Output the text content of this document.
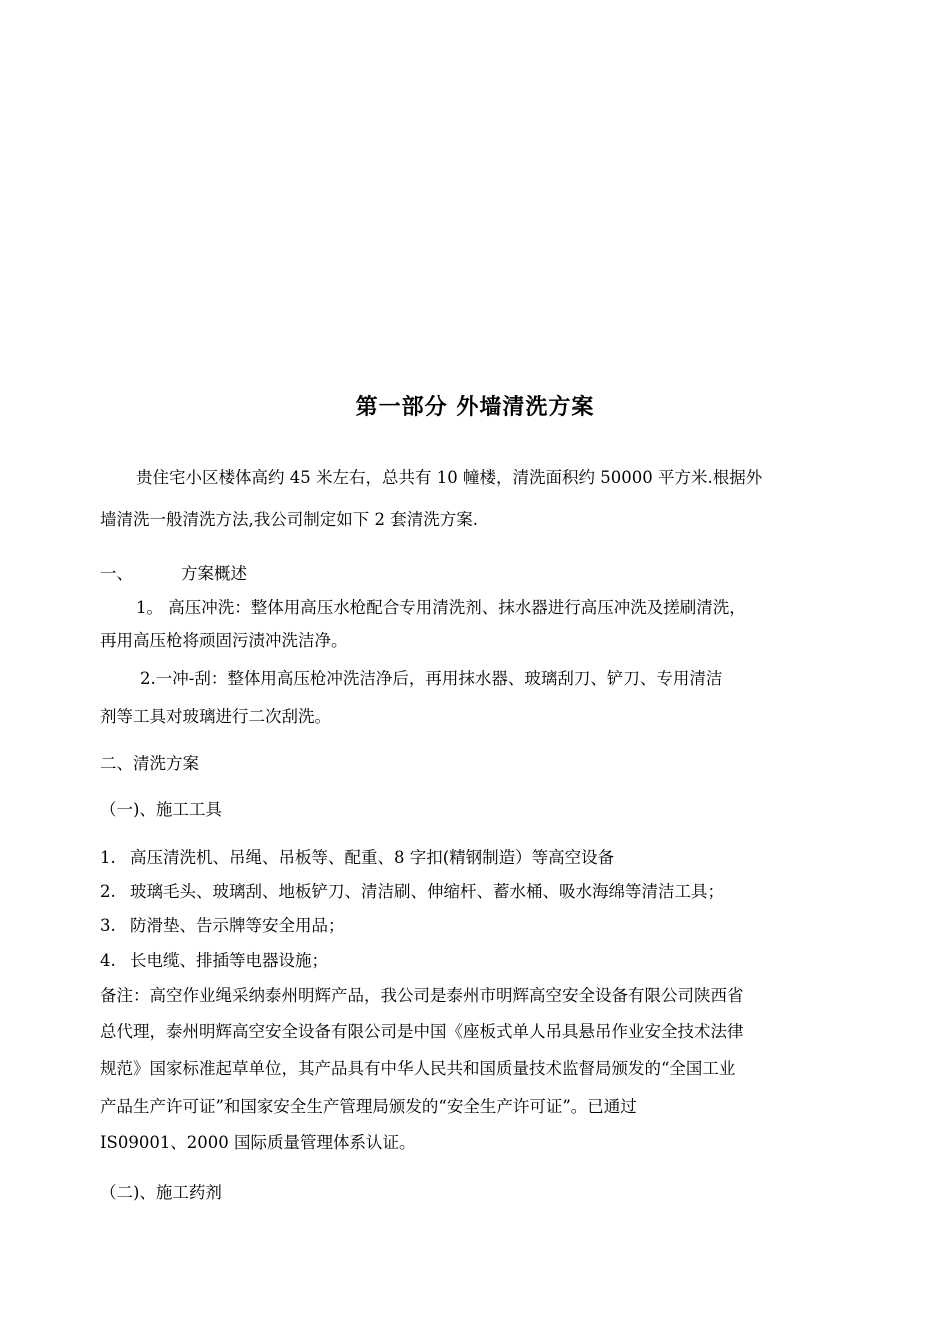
第一部分 外墙清洗方案
贵住宅小区楼体高约 45 米左右，总共有 10 幢楼，清洗面积约 50000 平方米.根据外
墙清洗一般清洗方法,我公司制定如下 2 套清洗方案.
一、	方案概述
1。 高压冲洗：整体用高压水枪配合专用清洗剂、抹水器进行高压冲洗及搓刷清洗，
再用高压枪将顽固污渍冲洗洁净。
2.一冲-刮：整体用高压枪冲洗洁净后，再用抹水器、玻璃刮刀、铲刀、专用清洁
剂等工具对玻璃进行二次刮洗。
二、清洗方案
（一)、施工工具
1. 高压清洗机、吊绳、吊板等、配重、8 字扣(精钢制造）等高空设备
2. 玻璃毛头、玻璃刮、地板铲刀、清洁刷、伸缩杆、蓄水桶、吸水海绵等清洁工具；
3. 防滑垫、告示牌等安全用品；
4. 长电缆、排插等电器设施；
备注：高空作业绳采纳泰州明辉产品，我公司是泰州市明辉高空安全设备有限公司陕西省
总代理，泰州明辉高空安全设备有限公司是中国《座板式单人吊具悬吊作业安全技术法律
规范》国家标准起草单位，其产品具有中华人民共和国质量技术监督局颁发的“全国工业
产品生产许可证”和国家安全生产管理局颁发的“安全生产许可证”。已通过
IS09001、2000 国际质量管理体系认证。
（二)、施工药剂
